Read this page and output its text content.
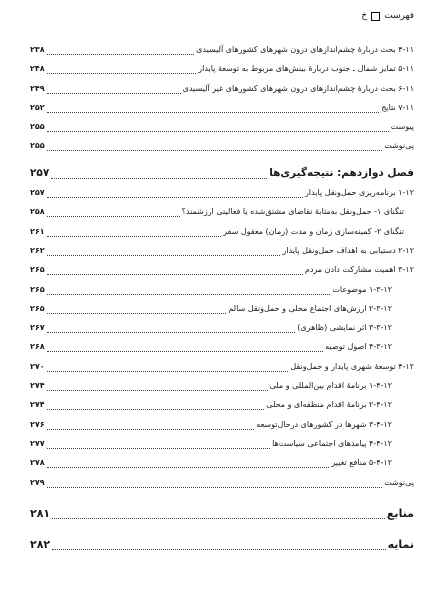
فهرست
خ
۴-۱۱ بحث دربارهٔ چشم‌اندازهای درون شهرهای کشورهای آلیسیدی
۲۳۸
۵-۱۱ تمایز شمال ـ جنوب دربارهٔ بینش‌های مربوط به توسعهٔ پایدار
۲۴۸
۶-۱۱ بحث دربارهٔ چشم‌اندازهای درون شهرهای کشورهای غیر آلیسیدی
۲۴۹
۷-۱۱ نتایج
۲۵۲
پیوست
۲۵۵
پی‌نوشت
۲۵۵
فصل دوازدهم: نتیجه‌گیری‌ها
۲۵۷
۱-۱۲ برنامه‌ریزی حمل‌ونقل پایدار
۲۵۷
تنگنای ۱- حمل‌ونقل به‌مثابهٔ تقاضای مشتق‌شده یا فعالیتی ارزشمند؟
۲۵۸
تنگنای ۲- کمینه‌سازی زمان و مدت (زمان) معقول سفر
۲۶۱
۲-۱۲ دستیابی به اهداف حمل‌ونقل پایدار
۲۶۲
۳-۱۲ اهمیت مشارکت دادن مردم
۲۶۵
۱-۳-۱۲ موضوعات
۲۶۵
۲-۳-۱۲ ارزش‌های اجتماع محلی و حمل‌ونقل سالم
۲۶۵
۳-۳-۱۲ اثر نمایشی (ظاهری)
۲۶۷
۴-۳-۱۲ اصول توصیه
۲۶۸
۴-۱۲ توسعهٔ شهری پایدار و حمل‌ونقل
۲۷۰
۱-۴-۱۲ برنامهٔ اقدام بین‌المللی و ملی
۲۷۴
۲-۴-۱۲ برنامهٔ اقدام منطقه‌ای و محلی
۲۷۴
۳-۴-۱۲ شهرها در کشورهای درحال‌توسعه
۲۷۶
۴-۴-۱۲ پیامدهای اجتماعی سیاست‌ها
۲۷۷
۵-۴-۱۲ منافع تغییر
۲۷۸
پی‌نوشت
۲۷۹
منابع
۲۸۱
نمایه
۲۸۲
